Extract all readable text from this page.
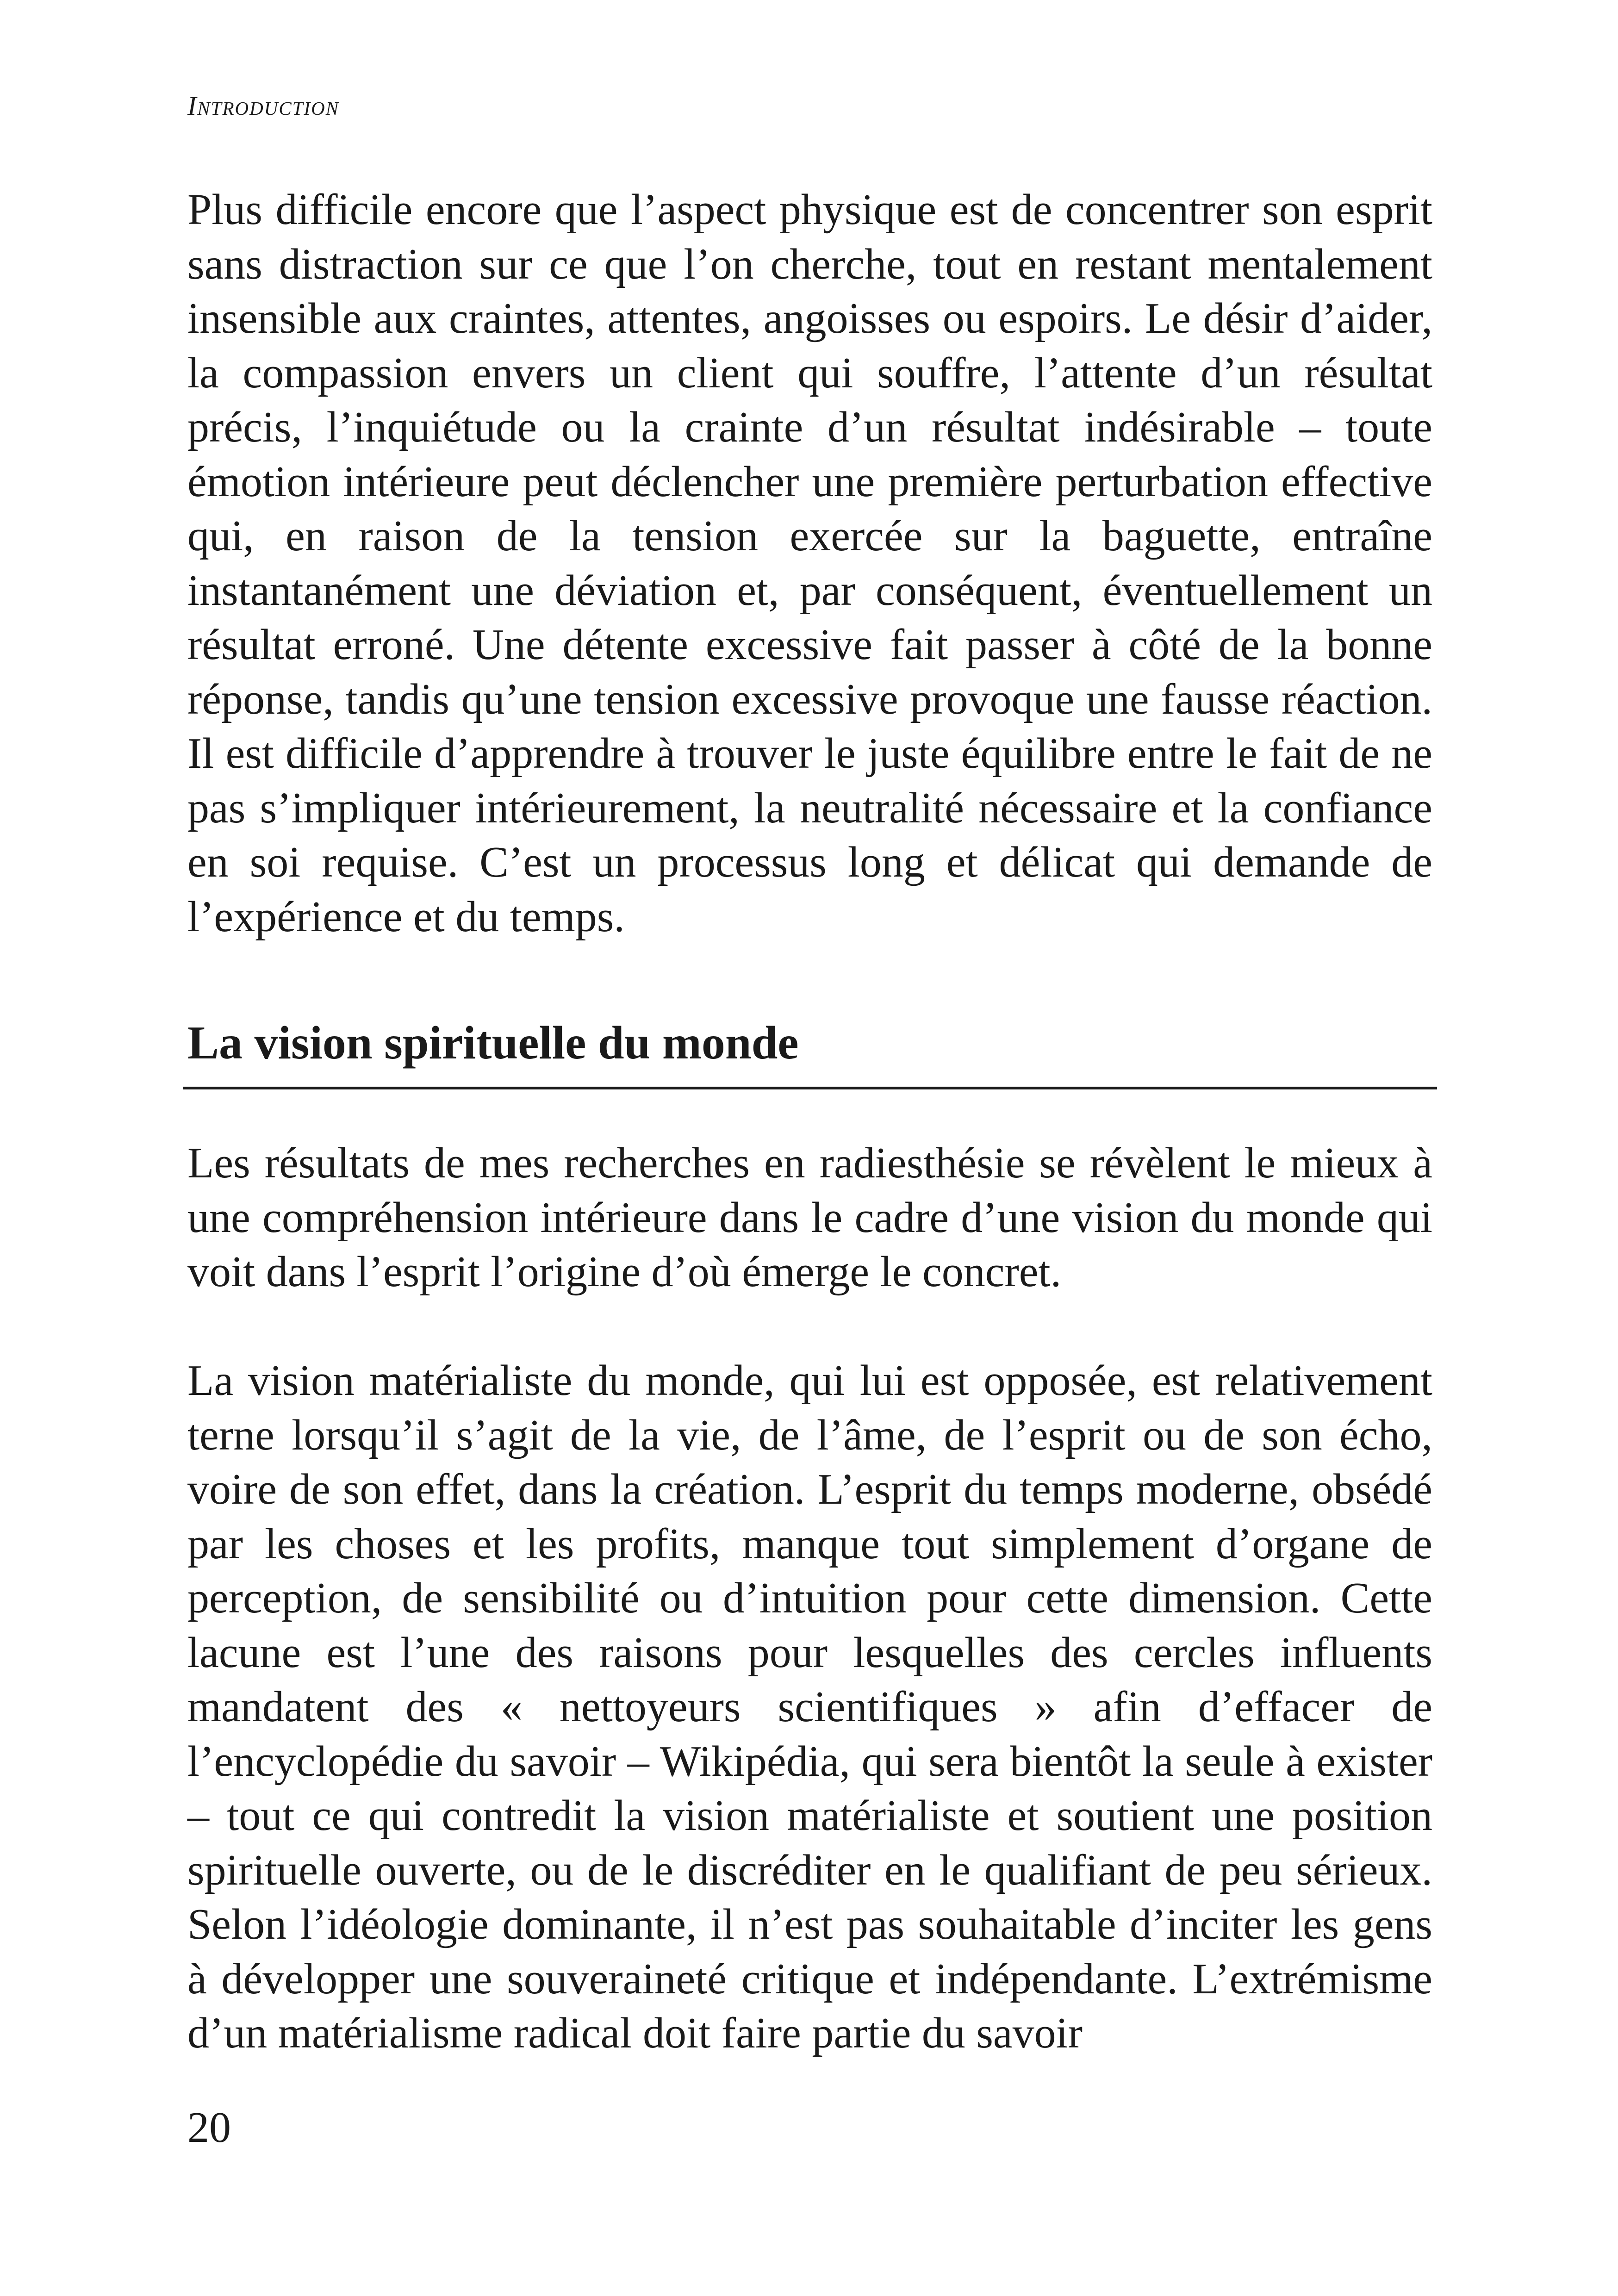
Introduction

Plus difficile encore que l’aspect physique est de concentrer son esprit sans distraction sur ce que l’on cherche, tout en restant mentalement insensible aux craintes, attentes, angoisses ou espoirs. Le désir d’aider, la compassion envers un client qui souffre, l’attente d’un résultat précis, l’inquiétude ou la crainte d’un résultat indésirable – toute émotion intérieure peut déclencher une première perturbation effective qui, en raison de la tension exercée sur la baguette, entraîne instantanément une déviation et, par conséquent, éventuellement un résultat erroné. Une détente excessive fait passer à côté de la bonne réponse, tandis qu’une tension excessive provoque une fausse réaction. Il est difficile d’apprendre à trouver le juste équilibre entre le fait de ne pas s’impliquer intérieurement, la neutralité nécessaire et la confiance en soi requise. C’est un processus long et délicat qui demande de l’expérience et du temps.

La vision spirituelle du monde

Les résultats de mes recherches en radiesthésie se révèlent le mieux à une compréhension intérieure dans le cadre d’une vision du monde qui voit dans l’esprit l’origine d’où émerge le concret.

La vision matérialiste du monde, qui lui est opposée, est relativement terne lorsqu’il s’agit de la vie, de l’âme, de l’esprit ou de son écho, voire de son effet, dans la création. L’esprit du temps moderne, obsédé par les choses et les profits, manque tout simplement d’organe de perception, de sensibilité ou d’intuition pour cette dimension. Cette lacune est l’une des raisons pour lesquelles des cercles influents mandatent des « nettoyeurs scientifiques » afin d’effacer de l’encyclopédie du savoir – Wikipédia, qui sera bientôt la seule à exister – tout ce qui contredit la vision matérialiste et soutient une position spirituelle ouverte, ou de le discréditer en le qualifiant de peu sérieux. Selon l’idéologie dominante, il n’est pas souhaitable d’inciter les gens à développer une souveraineté critique et indépendante. L’extrémisme d’un matérialisme radical doit faire partie du savoir

20
